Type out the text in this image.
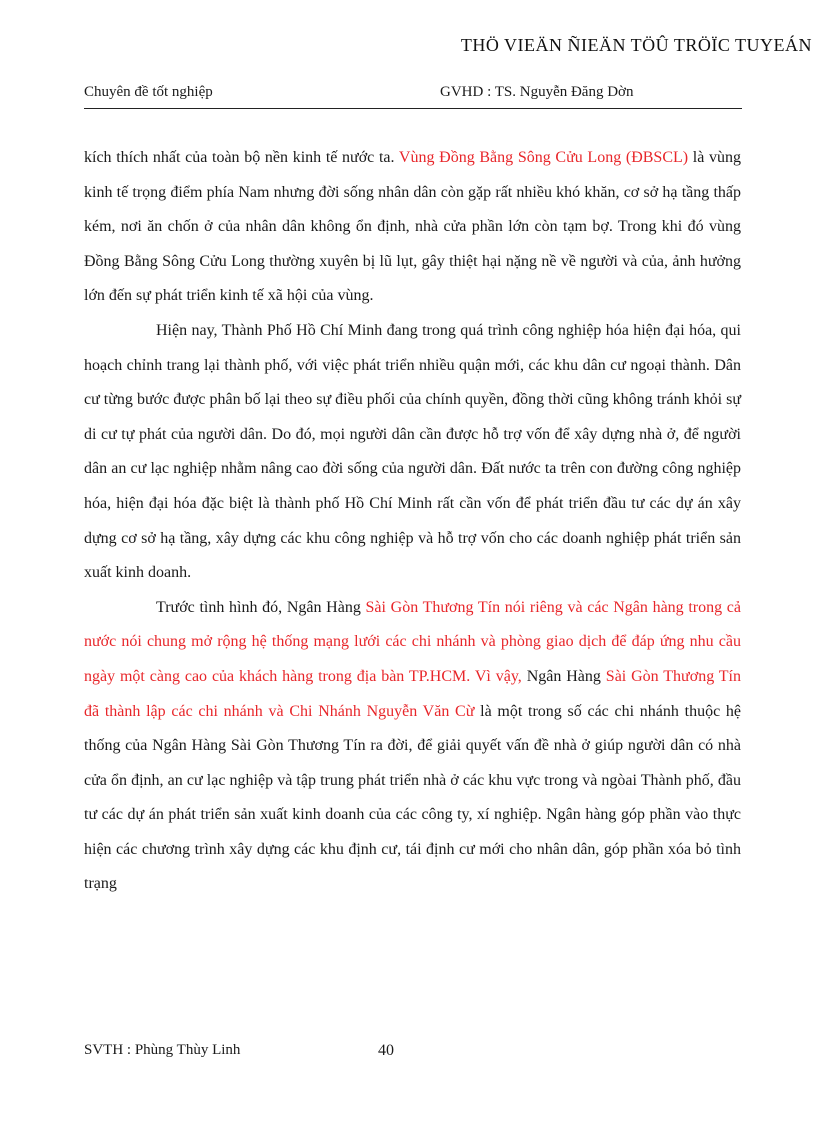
THÖ VIEÄN ÑIEÄN TÖÛ TRÖÏC TUYEÁN
Chuyên đề tốt nghiệp	GVHD : TS. Nguyễn Đăng Dờn

kích thích nhất của toàn bộ nền kinh tế nước ta. Vùng Đồng Bằng Sông Cửu Long (ĐBSCL) là vùng kinh tế trọng điểm phía Nam nhưng đời sống nhân dân còn gặp rất nhiều khó khăn, cơ sở hạ tầng thấp kém, nơi ăn chốn ở của nhân dân không ổn định, nhà cửa phần lớn còn tạm bợ. Trong khi đó vùng Đồng Bằng Sông Cửu Long thường xuyên bị lũ lụt, gây thiệt hại nặng nề về người và của, ảnh hưởng lớn đến sự phát triển kinh tế xã hội của vùng.

Hiện nay, Thành Phố Hồ Chí Minh đang trong quá trình công nghiệp hóa hiện đại hóa, qui hoạch chỉnh trang lại thành phố, với việc phát triển nhiều quận mới, các khu dân cư ngoại thành. Dân cư từng bước được phân bố lại theo sự điều phối của chính quyền, đồng thời cũng không tránh khỏi sự di cư tự phát của người dân. Do đó, mọi người dân cần được hỗ trợ vốn để xây dựng nhà ở, để người dân an cư lạc nghiệp nhằm nâng cao đời sống của người dân. Đất nước ta trên con đường công nghiệp hóa, hiện đại hóa đặc biệt là thành phố Hồ Chí Minh rất cần vốn để phát triển đầu tư các dự án xây dựng cơ sở hạ tầng, xây dựng các khu công nghiệp và hỗ trợ vốn cho các doanh nghiệp phát triển sản xuất kinh doanh.

Trước tình hình đó, Ngân Hàng Sài Gòn Thương Tín nói riêng và các Ngân hàng trong cả nước nói chung mở rộng hệ thống mạng lưới các chi nhánh và phòng giao dịch để đáp ứng nhu cầu ngày một càng cao của khách hàng trong địa bàn TP.HCM. Vì vậy, Ngân Hàng Sài Gòn Thương Tín đã thành lập các chi nhánh và Chi Nhánh Nguyễn Văn Cừ là một trong số các chi nhánh thuộc hệ thống của Ngân Hàng Sài Gòn Thương Tín ra đời, để giải quyết vấn đề nhà ở giúp người dân có nhà cửa ổn định, an cư lạc nghiệp và tập trung phát triển nhà ở các khu vực trong và ngòai Thành phố, đầu tư các dự án phát triển sản xuất kinh doanh của các công ty, xí nghiệp. Ngân hàng góp phần vào thực hiện các chương trình xây dựng các khu định cư, tái định cư mới cho nhân dân, góp phần xóa bỏ tình trạng

SVTH : Phùng Thùy Linh	40
